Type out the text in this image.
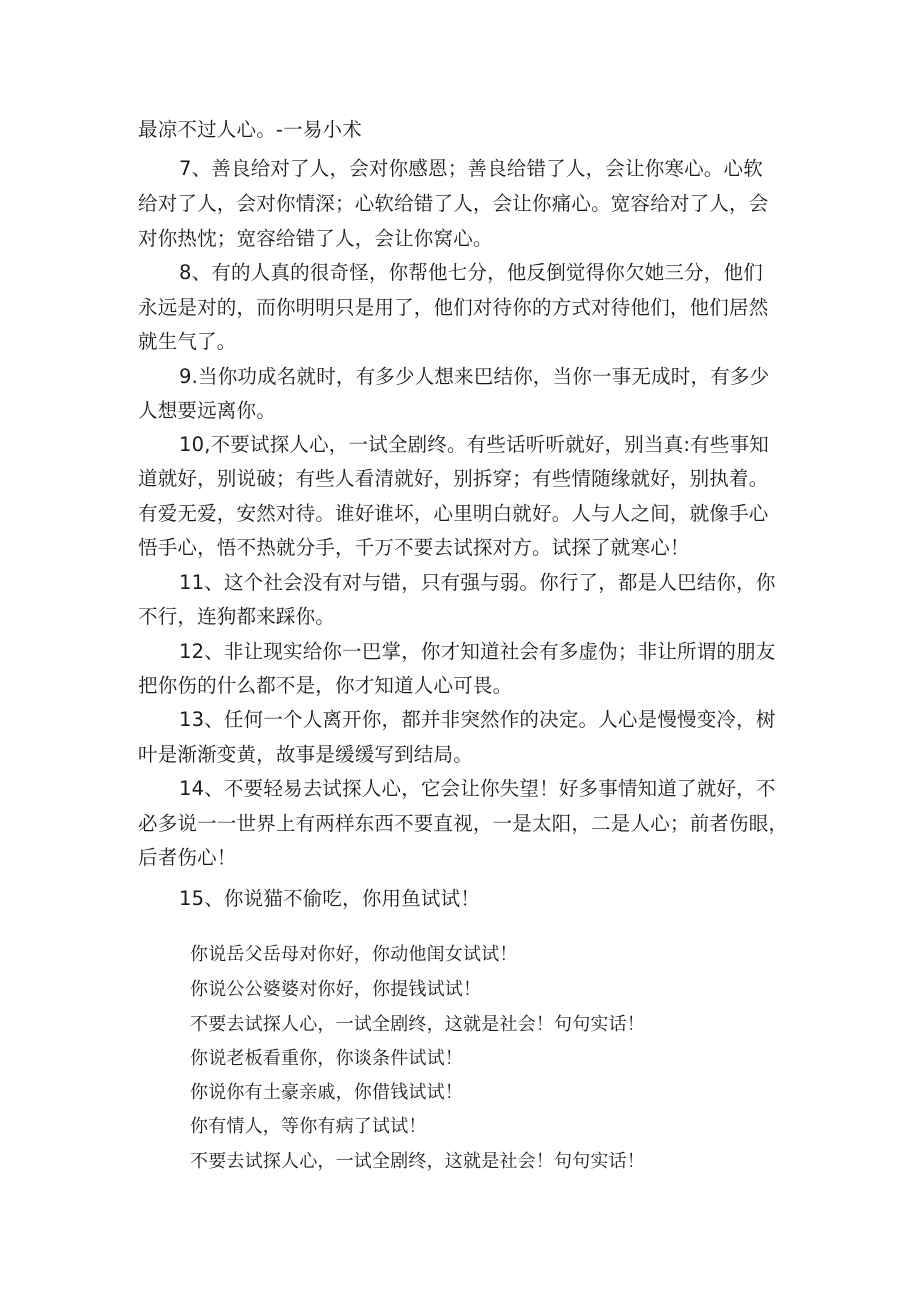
最凉不过人心。-一易小术
7、善良给对了人，会对你感恩；善良给错了人，会让你寒心。心软
给对了人，会对你情深；心软给错了人，会让你痛心。宽容给对了人，会
对你热忱；宽容给错了人，会让你窝心。
8、有的人真的很奇怪，你帮他七分，他反倒觉得你欠她三分，他们
永远是对的，而你明明只是用了，他们对待你的方式对待他们，他们居然
就生气了。
9.当你功成名就时，有多少人想来巴结你，当你一事无成时，有多少
人想要远离你。
10,不要试探人心，一试全剧终。有些话听听就好，别当真:有些事知
道就好，别说破；有些人看清就好，别拆穿；有些情随缘就好，别执着。
有爱无爱，安然对待。谁好谁坏，心里明白就好。人与人之间，就像手心
悟手心，悟不热就分手，千万不要去试探对方。试探了就寒心！
11、这个社会没有对与错，只有强与弱。你行了，都是人巴结你，你
不行，连狗都来踩你。
12、非让现实给你一巴掌，你才知道社会有多虚伪；非让所谓的朋友
把你伤的什么都不是，你才知道人心可畏。
13、任何一个人离开你，都并非突然作的决定。人心是慢慢变冷，树
叶是渐渐变黄，故事是缓缓写到结局。
14、不要轻易去试探人心，它会让你失望！好多事情知道了就好，不
必多说一一世界上有两样东西不要直视，一是太阳，二是人心；前者伤眼，
后者伤心！
15、你说猫不偷吃，你用鱼试试！
你说岳父岳母对你好，你动他闺女试试！
你说公公婆婆对你好，你提钱试试！
不要去试探人心，一试全剧终，这就是社会！句句实话！
你说老板看重你，你谈条件试试！
你说你有土豪亲戚，你借钱试试！
你有情人，等你有病了试试！
不要去试探人心，一试全剧终，这就是社会！句句实话！
